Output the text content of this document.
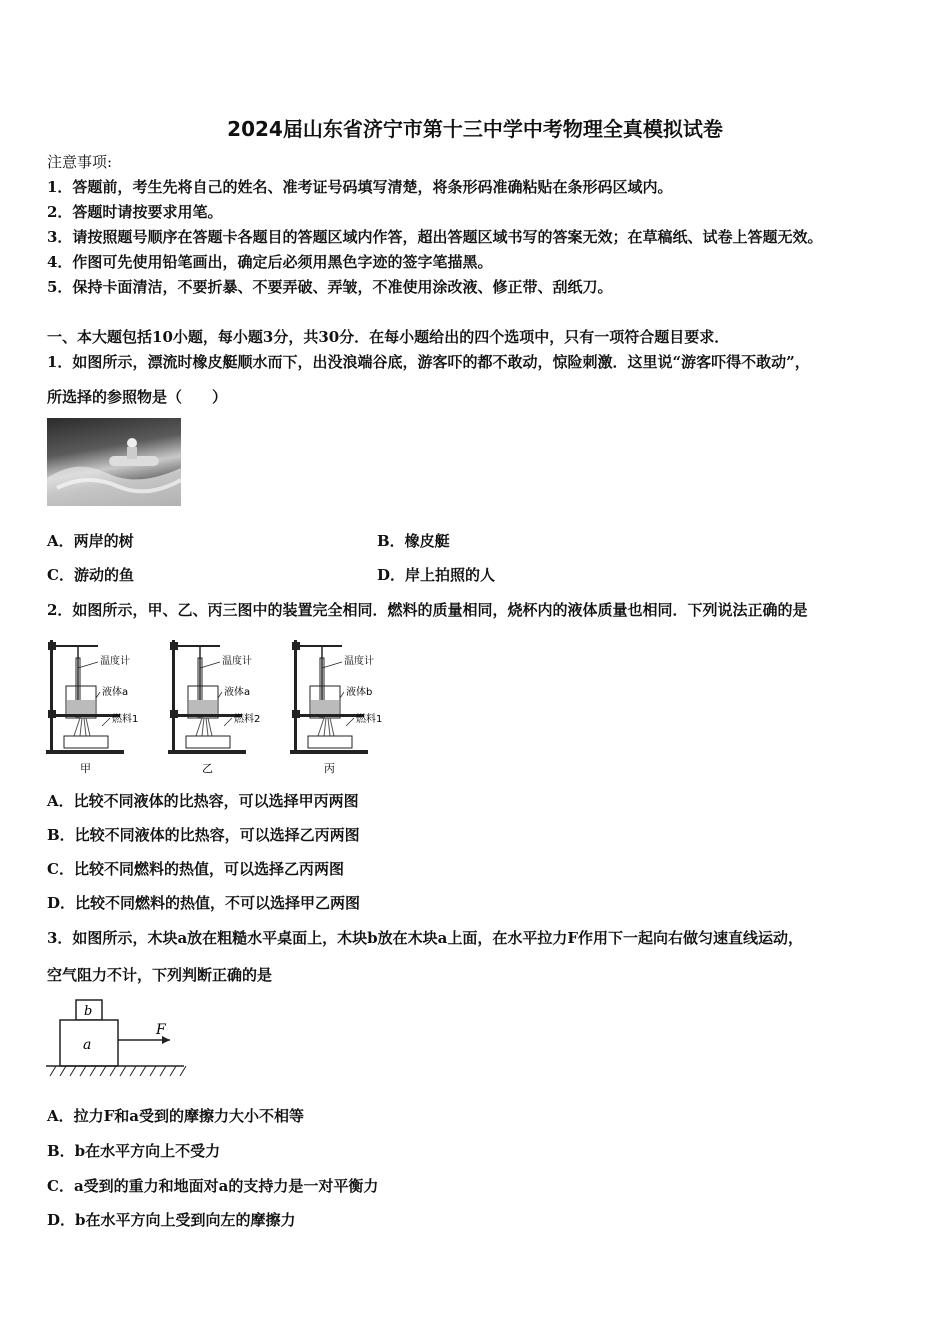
2024届山东省济宁市第十三中学中考物理全真模拟试卷
注意事项:
1．答题前，考生先将自己的姓名、准考证号码填写清楚，将条形码准确粘贴在条形码区域内。
2．答题时请按要求用笔。
3．请按照题号顺序在答题卡各题目的答题区域内作答，超出答题区域书写的答案无效；在草稿纸、试卷上答题无效。
4．作图可先使用铅笔画出，确定后必须用黑色字迹的签字笔描黑。
5．保持卡面清洁，不要折暴、不要弄破、弄皱，不准使用涂改液、修正带、刮纸刀。
一、本大题包括10小题，每小题3分，共30分．在每小题给出的四个选项中，只有一项符合题目要求．
1．如图所示，漂流时橡皮艇顺水而下，出没浪端谷底，游客吓的都不敢动，惊险刺激．这里说“游客吓得不敢动”，
所选择的参照物是（　　）
A．两岸的树	B．橡皮艇
C．游动的鱼	D．岸上拍照的人
2．如图所示，甲、乙、丙三图中的装置完全相同．燃料的质量相同，烧杯内的液体质量也相同．下列说法正确的是
温度计
液体a
燃料1
甲
温度计
液体a
燃料2
乙
温度计
液体b
燃料1
丙
A．比较不同液体的比热容，可以选择甲丙两图
B．比较不同液体的比热容，可以选择乙丙两图
C．比较不同燃料的热值，可以选择乙丙两图
D．比较不同燃料的热值，不可以选择甲乙两图
3．如图所示，木块a放在粗糙水平桌面上，木块b放在木块a上面，在水平拉力F作用下一起向右做匀速直线运动，
空气阻力不计，下列判断正确的是
b
a
F
A．拉力F和a受到的摩擦力大小不相等
B．b在水平方向上不受力
C．a受到的重力和地面对a的支持力是一对平衡力
D．b在水平方向上受到向左的摩擦力
